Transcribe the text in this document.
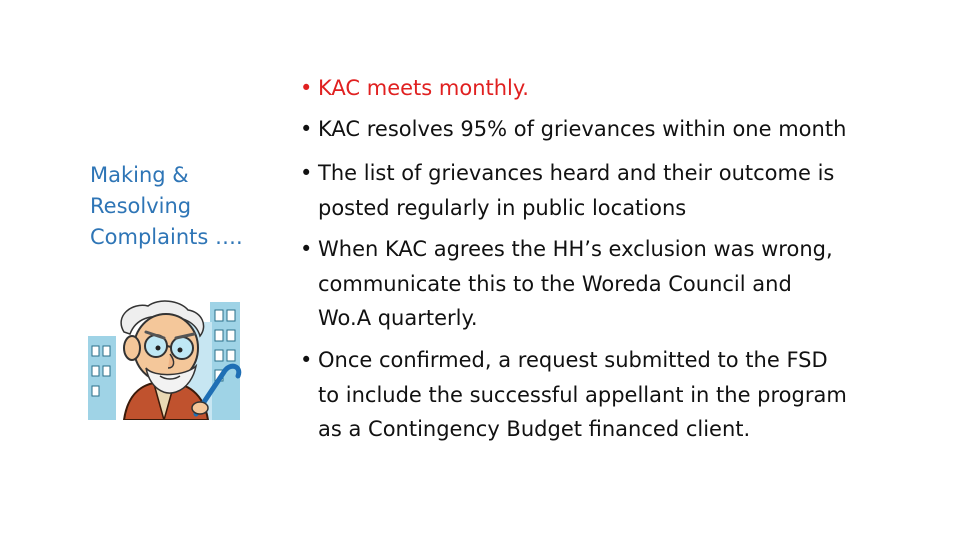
Making &
Resolving
Complaints ….
• KAC meets monthly.
• KAC resolves 95% of grievances within one month
• The list of grievances heard and their outcome is
posted regularly in public locations
• When KAC agrees the HH’s exclusion was wrong,
communicate this to the Woreda Council and
Wo.A quarterly.
• Once confirmed, a request submitted to the FSD
to include the successful appellant in the program
as a Contingency Budget financed client.
